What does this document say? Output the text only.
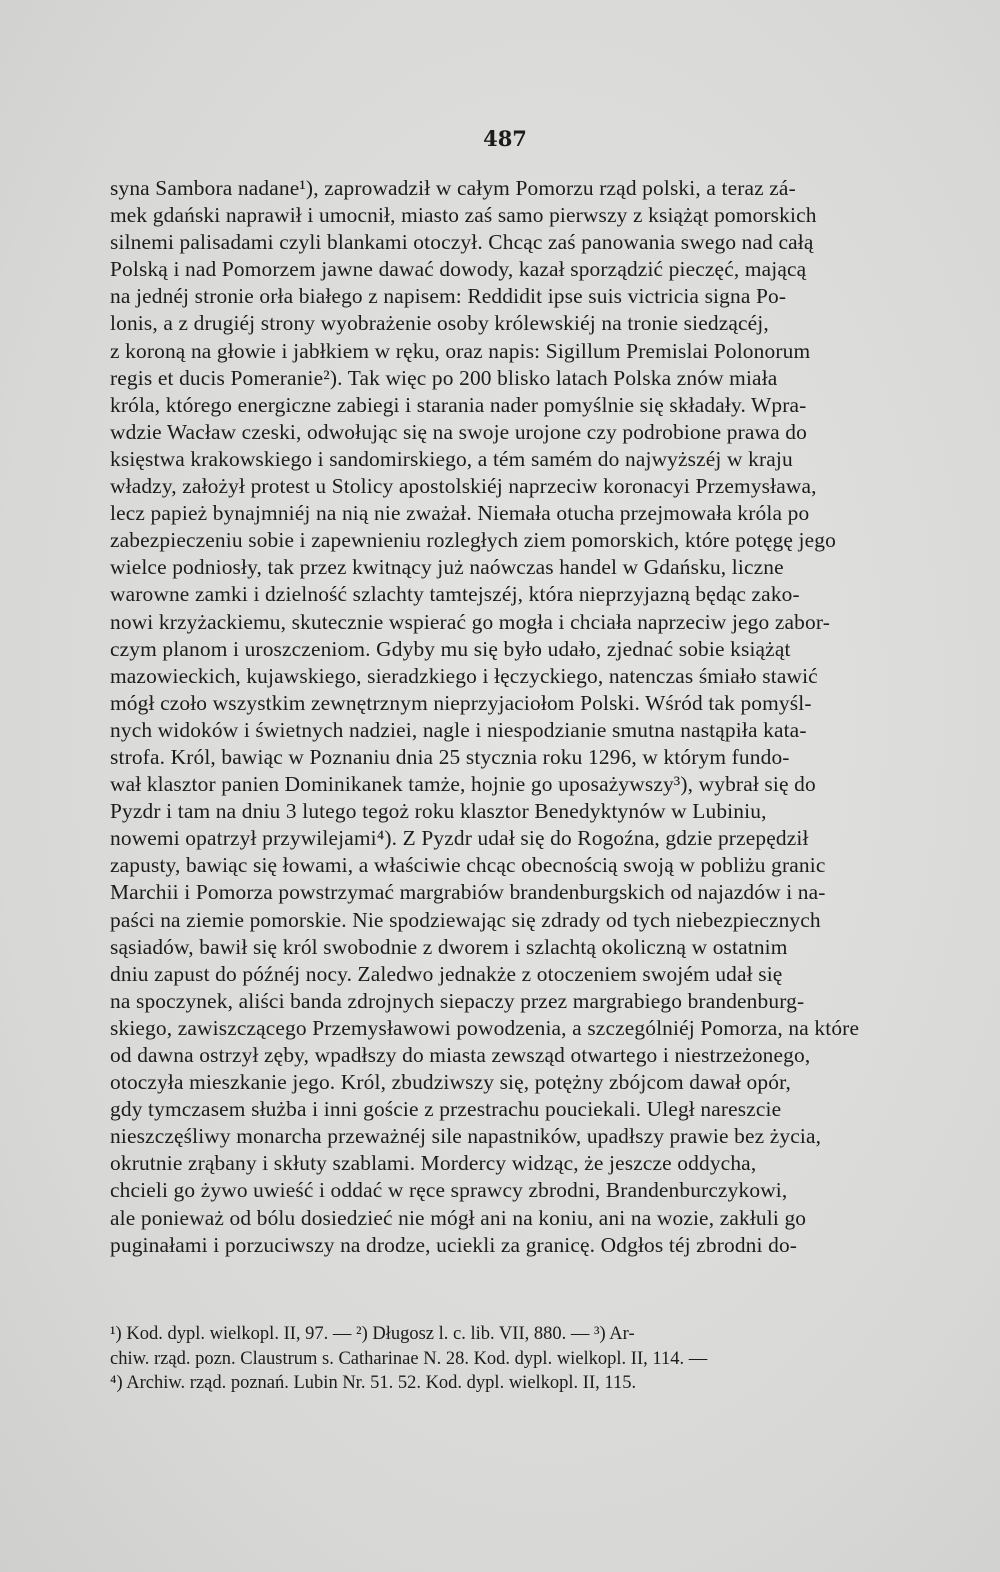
487
syna Sambora nadane¹), zaprowadził w całym Pomorzu rząd polski, a teraz zá-
mek gdański naprawił i umocnił, miasto zaś samo pierwszy z książąt pomorskich
silnemi palisadami czyli blankami otoczył. Chcąc zaś panowania swego nad całą
Polską i nad Pomorzem jawne dawać dowody, kazał sporządzić pieczęć, mającą
na jednéj stronie orła białego z napisem: Reddidit ipse suis victricia signa Po-
lonis, a z drugiéj strony wyobrażenie osoby królewskiéj na tronie siedzącéj,
z koroną na głowie i jabłkiem w ręku, oraz napis: Sigillum Premislai Polonorum
regis et ducis Pomeranie²). Tak więc po 200 blisko latach Polska znów miała
króla, którego energiczne zabiegi i starania nader pomyślnie się składały. Wpra-
wdzie Wacław czeski, odwołując się na swoje urojone czy podrobione prawa do
księstwa krakowskiego i sandomirskiego, a tém samém do najwyższéj w kraju
władzy, założył protest u Stolicy apostolskiéj naprzeciw koronacyi Przemysława,
lecz papież bynajmniéj na nią nie zważał. Niemała otucha przejmowała króla po
zabezpieczeniu sobie i zapewnieniu rozległych ziem pomorskich, które potęgę jego
wielce podniosły, tak przez kwitnący już naówczas handel w Gdańsku, liczne
warowne zamki i dzielność szlachty tamtejszéj, która nieprzyjazną będąc zako-
nowi krzyżackiemu, skutecznie wspierać go mogła i chciała naprzeciw jego zabor-
czym planom i uroszczeniom. Gdyby mu się było udało, zjednać sobie książąt
mazowieckich, kujawskiego, sieradzkiego i łęczyckiego, natenczas śmiało stawić
mógł czoło wszystkim zewnętrznym nieprzyjaciołom Polski. Wśród tak pomyśl-
nych widoków i świetnych nadziei, nagle i niespodzianie smutna nastąpiła kata-
strofa. Król, bawiąc w Poznaniu dnia 25 stycznia roku 1296, w którym fundo-
wał klasztor panien Dominikanek tamże, hojnie go uposażywszy³), wybrał się do
Pyzdr i tam na dniu 3 lutego tegoż roku klasztor Benedyktynów w Lubiniu,
nowemi opatrzył przywilejami⁴). Z Pyzdr udał się do Rogoźna, gdzie przepędził
zapusty, bawiąc się łowami, a właściwie chcąc obecnością swoją w pobliżu granic
Marchii i Pomorza powstrzymać margrabiów brandenburgskich od najazdów i na-
paści na ziemie pomorskie. Nie spodziewając się zdrady od tych niebezpiecznych
sąsiadów, bawił się król swobodnie z dworem i szlachtą okoliczną w ostatnim
dniu zapust do późnéj nocy. Zaledwo jednakże z otoczeniem swojém udał się
na spoczynek, aliści banda zdrojnych siepaczy przez margrabiego brandenburg-
skiego, zawiszczącego Przemysławowi powodzenia, a szczególniéj Pomorza, na które
od dawna ostrzył zęby, wpadłszy do miasta zewsząd otwartego i niestrzeżonego,
otoczyła mieszkanie jego. Król, zbudziwszy się, potężny zbójcom dawał opór,
gdy tymczasem służba i inni goście z przestrachu pouciekali. Uległ nareszcie
nieszczęśliwy monarcha przeważnéj sile napastników, upadłszy prawie bez życia,
okrutnie zrąbany i skłuty szablami. Mordercy widząc, że jeszcze oddycha,
chcieli go żywo uwieść i oddać w ręce sprawcy zbrodni, Brandenburczykowi,
ale ponieważ od bólu dosiedzieć nie mógł ani na koniu, ani na wozie, zakłuli go
puginałami i porzuciwszy na drodze, uciekli za granicę. Odgłos téj zbrodni do-
¹) Kod. dypl. wielkopl. II, 97. — ²) Długosz l. c. lib. VII, 880. — ³) Ar-
chiw. rząd. pozn. Claustrum s. Catharinae N. 28. Kod. dypl. wielkopl. II, 114. —
⁴) Archiw. rząd. poznań. Lubin Nr. 51. 52. Kod. dypl. wielkopl. II, 115.
